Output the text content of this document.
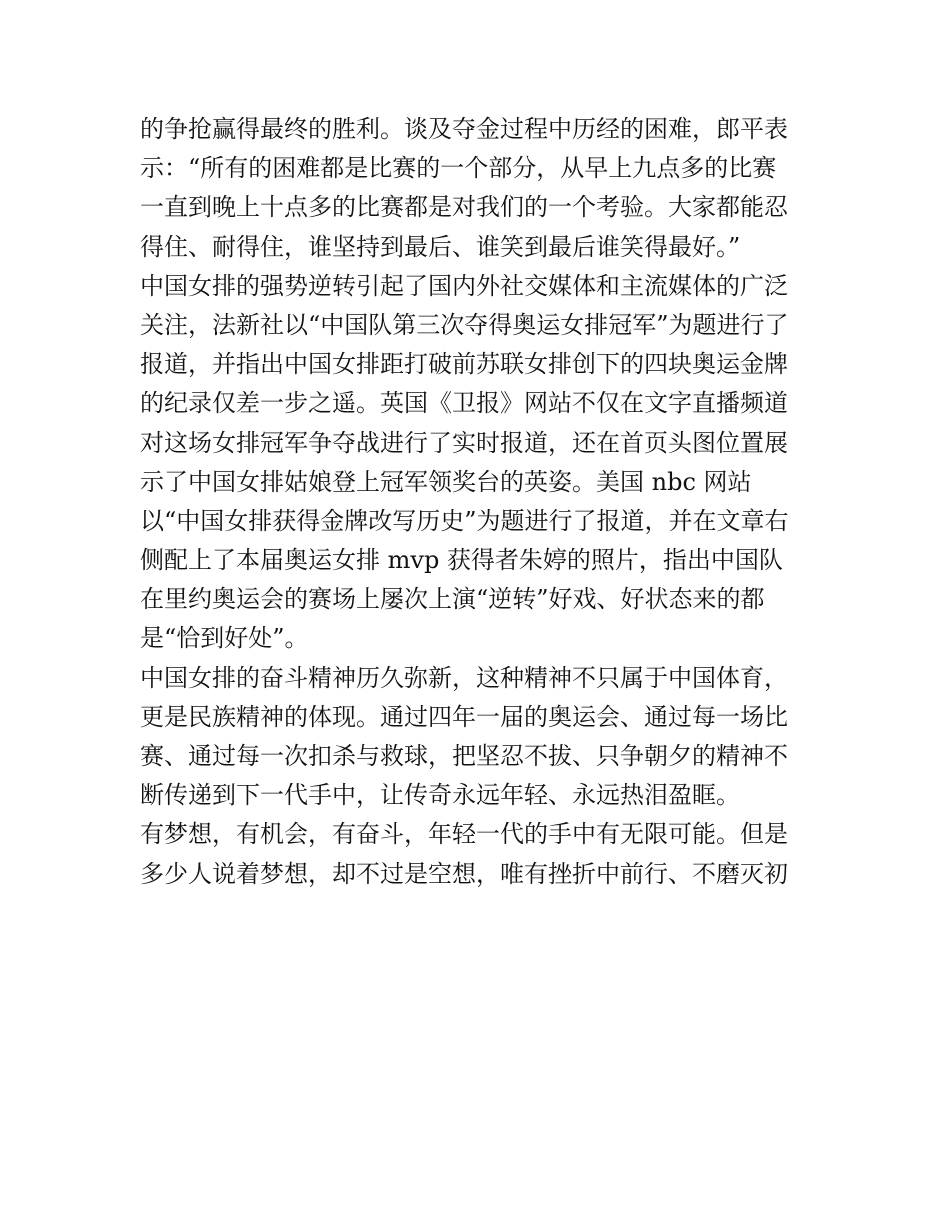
的争抢赢得最终的胜利。谈及夺金过程中历经的困难，郎平表
示：“所有的困难都是比赛的一个部分，从早上九点多的比赛
一直到晚上十点多的比赛都是对我们的一个考验。大家都能忍
得住、耐得住，谁坚持到最后、谁笑到最后谁笑得最好。”
中国女排的强势逆转引起了国内外社交媒体和主流媒体的广泛
关注，法新社以“中国队第三次夺得奥运女排冠军”为题进行了
报道，并指出中国女排距打破前苏联女排创下的四块奥运金牌
的纪录仅差一步之遥。英国《卫报》网站不仅在文字直播频道
对这场女排冠军争夺战进行了实时报道，还在首页头图位置展
示了中国女排姑娘登上冠军领奖台的英姿。美国 nbc 网站
以“中国女排获得金牌改写历史”为题进行了报道，并在文章右
侧配上了本届奥运女排 mvp 获得者朱婷的照片，指出中国队
在里约奥运会的赛场上屡次上演“逆转”好戏、好状态来的都
是“恰到好处”。
中国女排的奋斗精神历久弥新，这种精神不只属于中国体育，
更是民族精神的体现。通过四年一届的奥运会、通过每一场比
赛、通过每一次扣杀与救球，把坚忍不拔、只争朝夕的精神不
断传递到下一代手中，让传奇永远年轻、永远热泪盈眶。
有梦想，有机会，有奋斗，年轻一代的手中有无限可能。但是
多少人说着梦想，却不过是空想，唯有挫折中前行、不磨灭初
